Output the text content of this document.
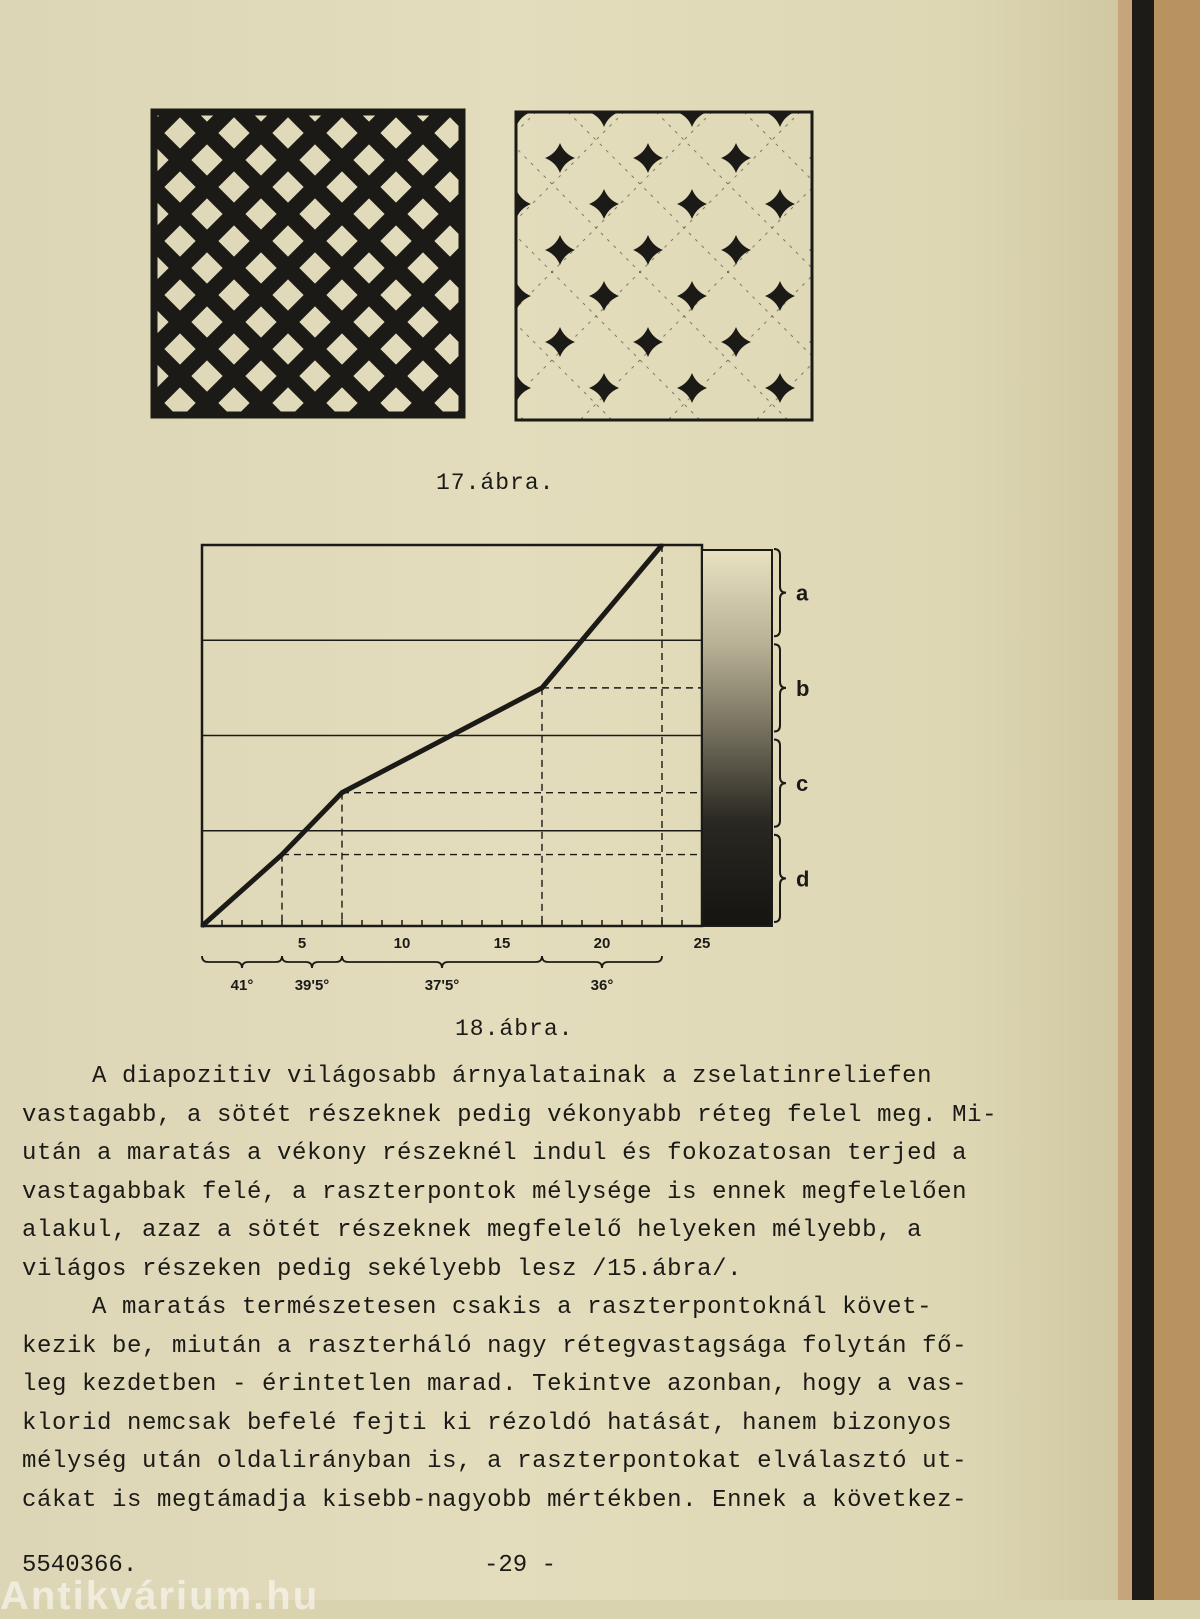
17.ábra.
a
b
c
d
5	10	15	20	25
41°	39'5°	37'5°	36°
18.ábra.

A diapozitiv világosabb árnyalatainak a zselatinreliefen

vastagabb, a sötét részeknek pedig vékonyabb réteg felel meg. Mi-

után a maratás a vékony részeknél indul és fokozatosan terjed a

vastagabbak felé, a raszterpontok mélysége is ennek megfelelően

alakul, azaz a sötét részeknek megfelelő helyeken mélyebb, a

világos részeken pedig sekélyebb lesz /15.ábra/.

A maratás természetesen csakis a raszterpontoknál követ-

kezik be, miután a raszterháló nagy rétegvastagsága folytán fő-

leg kezdetben - érintetlen marad. Tekintve azonban, hogy a vas-

klorid nemcsak befelé fejti ki rézoldó hatását, hanem bizonyos

mélység után oldalirányban is, a raszterpontokat elválasztó ut-

cákat is megtámadja kisebb-nagyobb mértékben. Ennek a következ-

5540366.	-29 -
Antikvárium.hu
